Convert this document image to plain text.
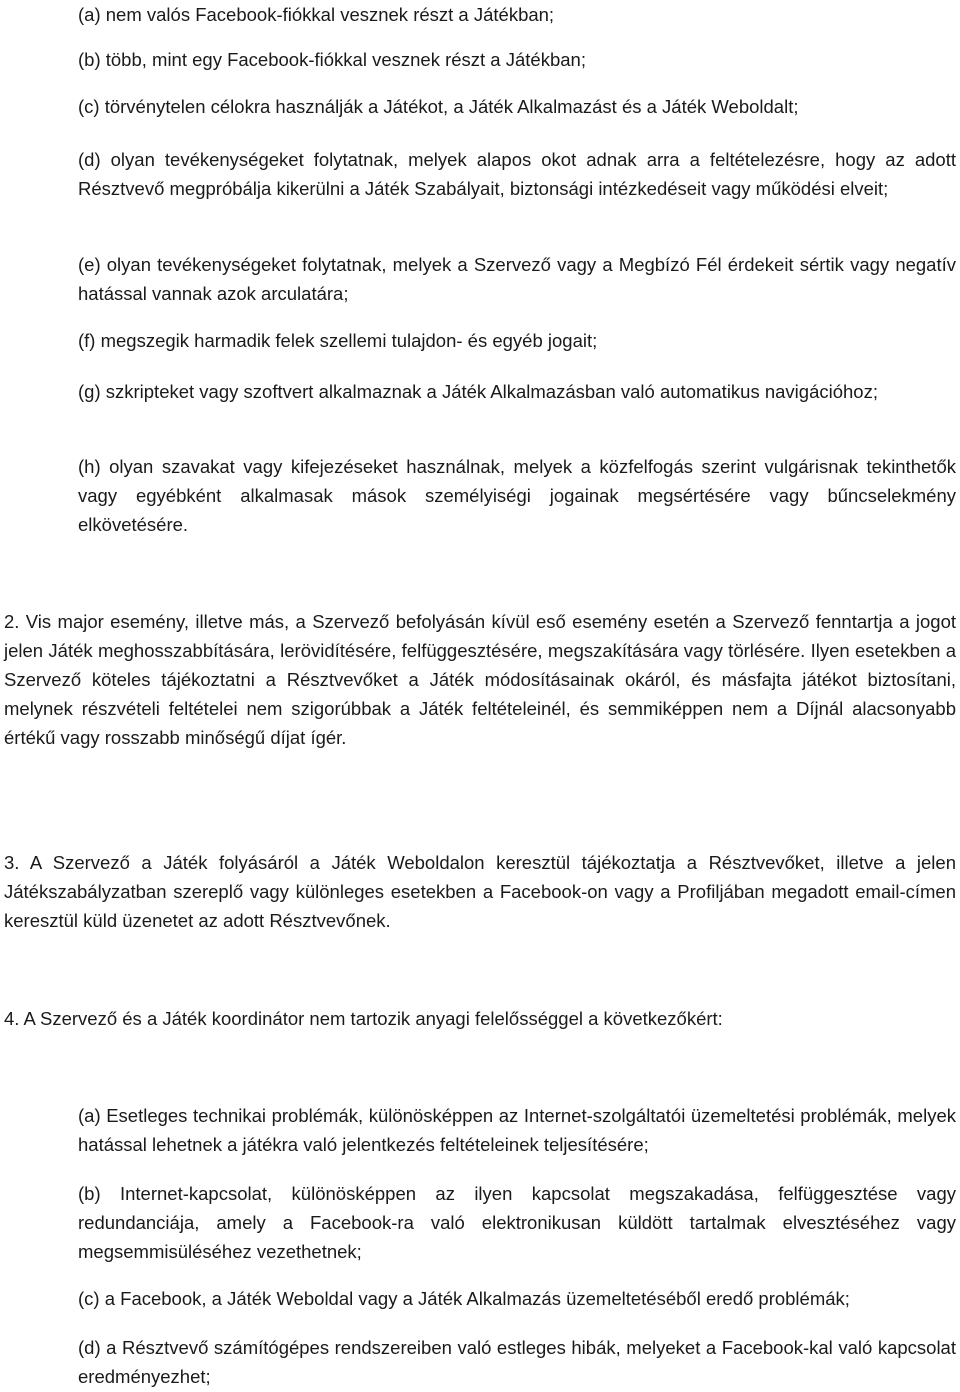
(a) nem valós Facebook-fiókkal vesznek részt a Játékban;

(b) több, mint egy Facebook-fiókkal vesznek részt a Játékban;

(c) törvénytelen célokra használják a Játékot, a Játék Alkalmazást és a Játék Weboldalt;

(d) olyan tevékenységeket folytatnak, melyek alapos okot adnak arra a feltételezésre, hogy az adott Résztvevő megpróbálja kikerülni a Játék Szabályait, biztonsági intézkedéseit vagy működési elveit;

(e) olyan tevékenységeket folytatnak, melyek a Szervező vagy a Megbízó Fél érdekeit sértik vagy negatív hatással vannak azok arculatára;

(f) megszegik harmadik felek szellemi tulajdon- és egyéb jogait;

(g) szkripteket vagy szoftvert alkalmaznak a Játék Alkalmazásban való automatikus navigációhoz;

(h) olyan szavakat vagy kifejezéseket használnak, melyek a közfelfogás szerint vulgárisnak tekinthetők vagy egyébként alkalmasak mások személyiségi jogainak megsértésére vagy bűncselekmény elkövetésére.

2. Vis major esemény, illetve más, a Szervező befolyásán kívül eső esemény esetén a Szervező fenntartja a jogot jelen Játék meghosszabbítására, lerövidítésére, felfüggesztésére, megszakítására vagy törlésére. Ilyen esetekben a Szervező köteles tájékoztatni a Résztvevőket a Játék módosításainak okáról, és másfajta játékot biztosítani, melynek részvételi feltételei nem szigorúbbak a Játék feltételeinél, és semmiképpen nem a Díjnál alacsonyabb értékű vagy rosszabb minőségű díjat ígér.

3. A Szervező a Játék folyásáról a Játék Weboldalon keresztül tájékoztatja a Résztvevőket, illetve a jelen Játékszabályzatban szereplő vagy különleges esetekben a Facebook-on vagy a Profiljában megadott email-címen keresztül küld üzenetet az adott Résztvevőnek.

4. A Szervező és a Játék koordinátor nem tartozik anyagi felelősséggel a következőkért:

(a) Esetleges technikai problémák, különösképpen az Internet-szolgáltatói üzemeltetési problémák, melyek hatással lehetnek a játékra való jelentkezés feltételeinek teljesítésére;

(b) Internet-kapcsolat, különösképpen az ilyen kapcsolat megszakadása, felfüggesztése vagy redundanciája, amely a Facebook-ra való elektronikusan küldött tartalmak elvesztéséhez vagy megsemmisüléséhez vezethetnek;

(c) a Facebook, a Játék Weboldal vagy a Játék Alkalmazás üzemeltetéséből eredő problémák;

(d) a Résztvevő számítógépes rendszereiben való estleges hibák, melyeket a Facebook-kal való kapcsolat eredményezhet;
